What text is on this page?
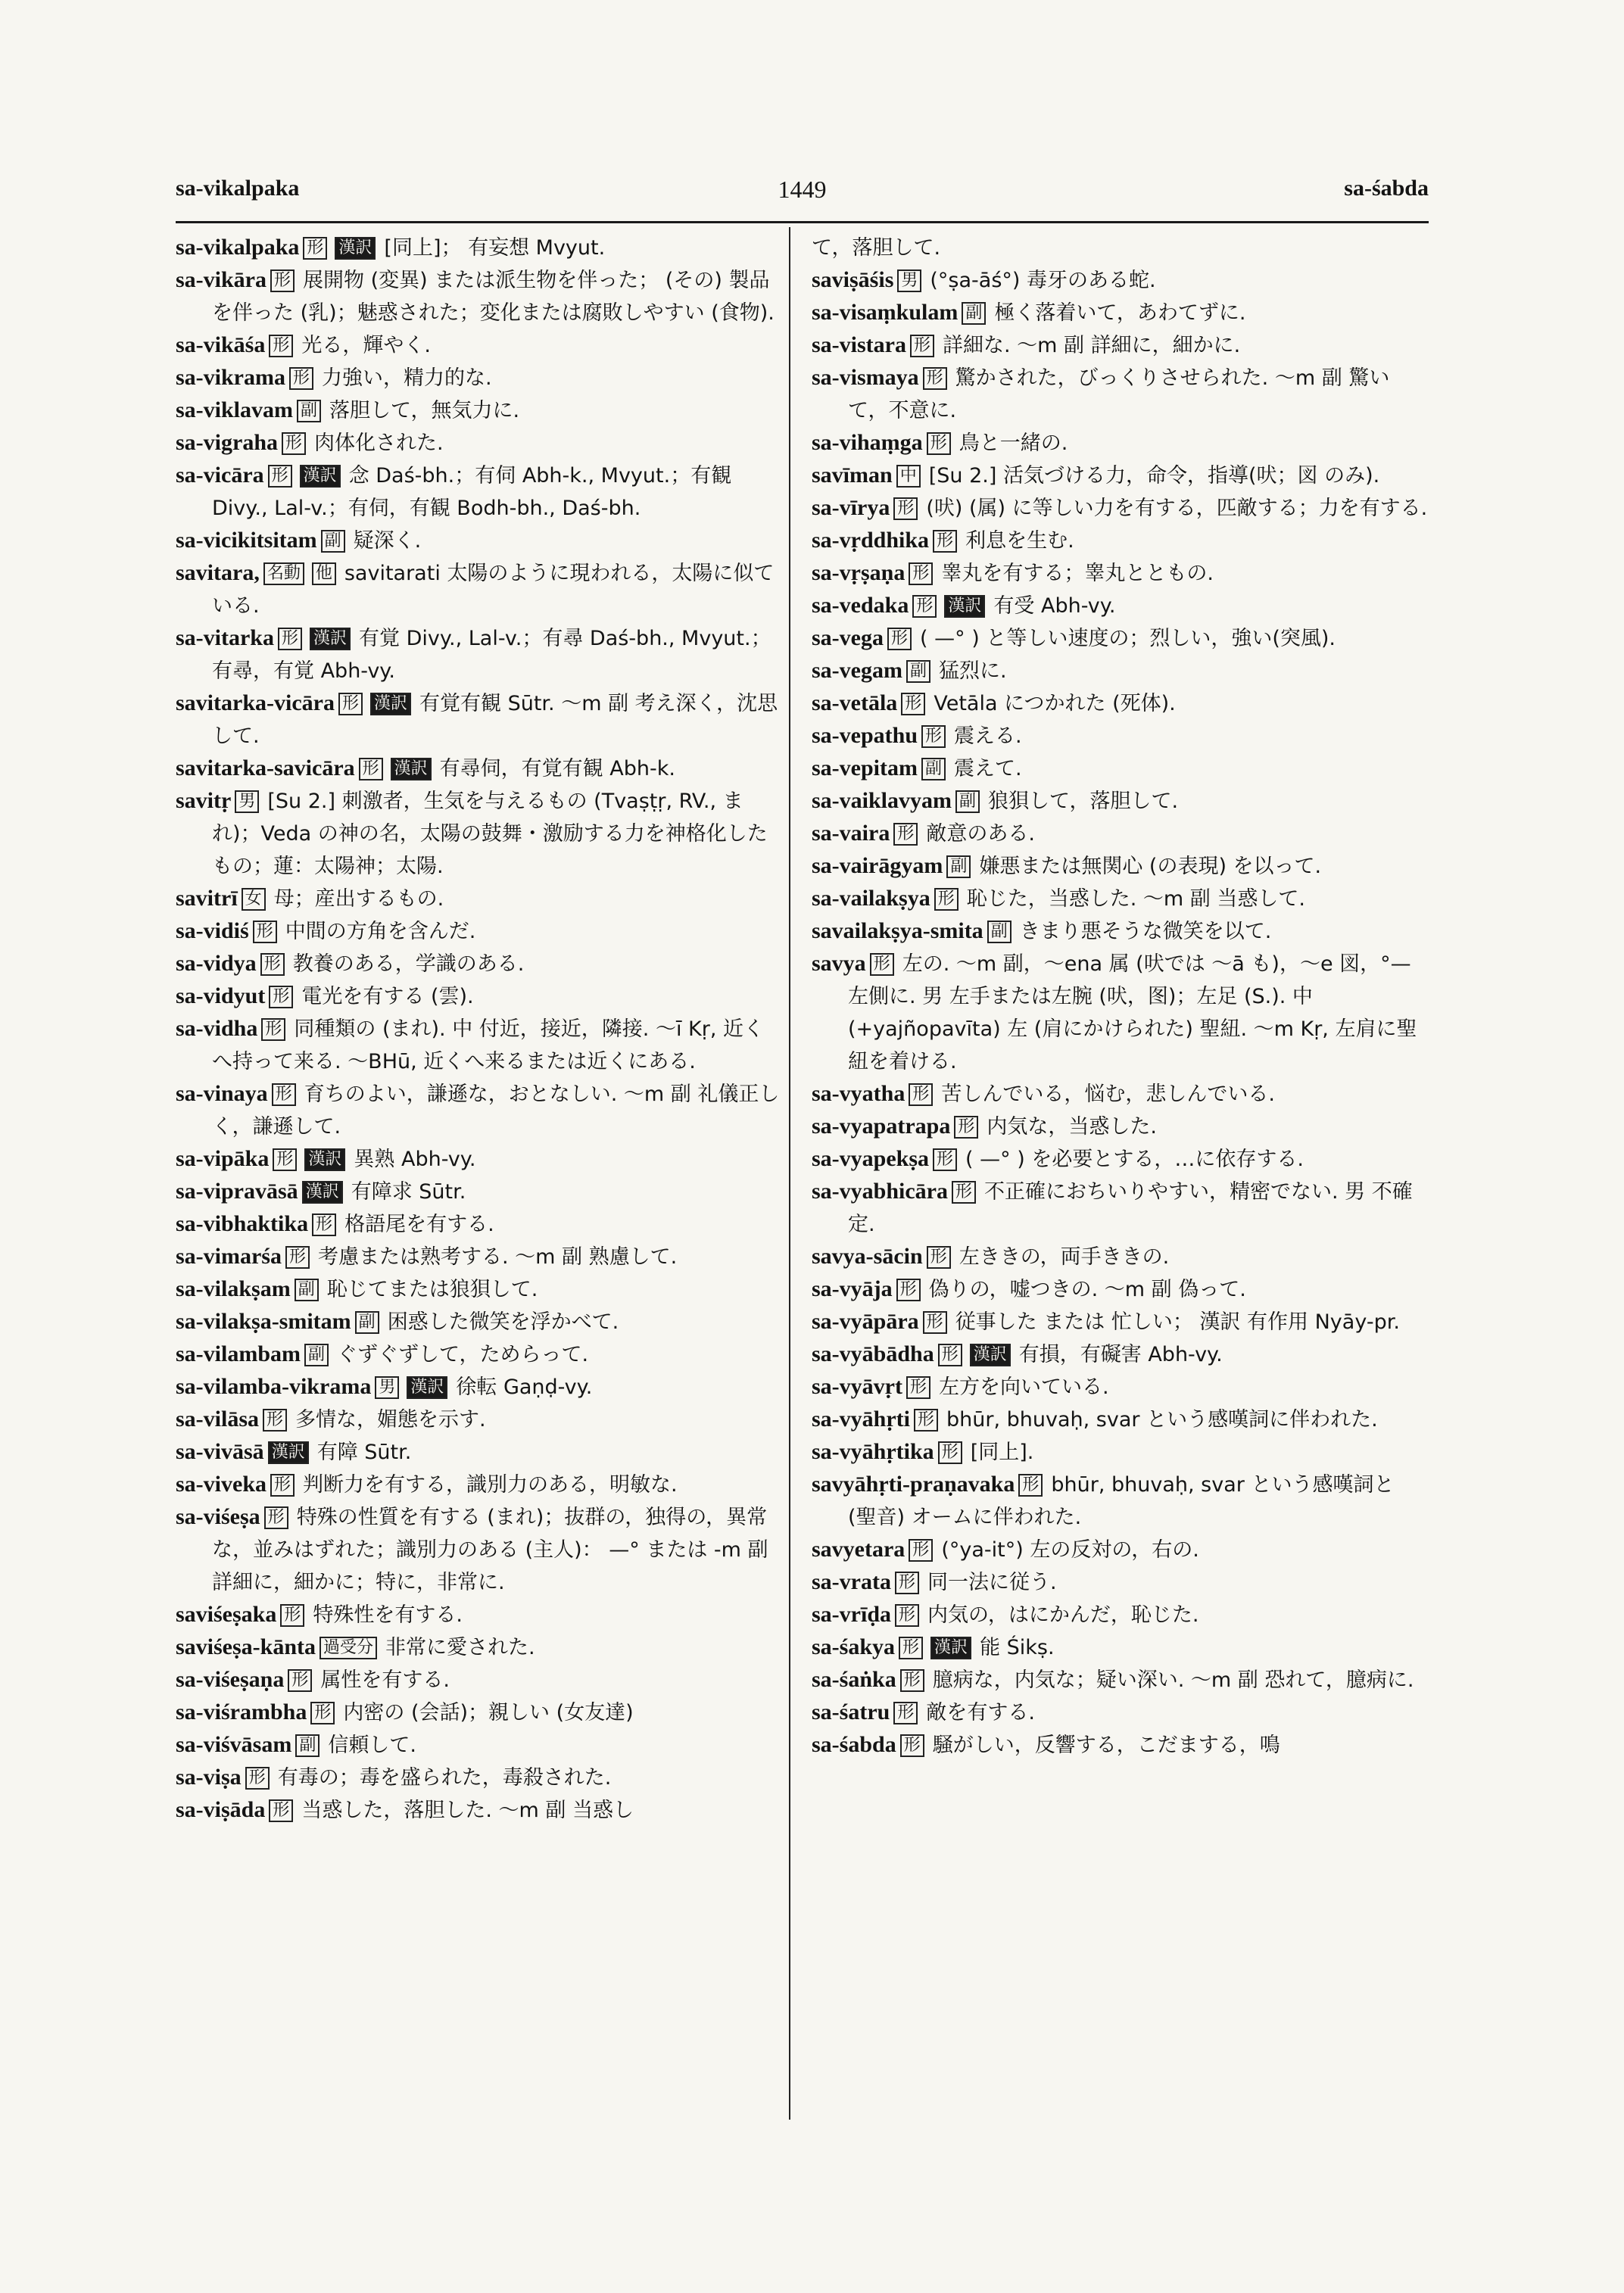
sa-vikalpaka	1449	sa-śabda
sa-vikalpaka 形 漢訳 [同上]； 有妄想 Mvyut.
sa-vikāra 形 展開物 (変異) または派生物を伴った； (その) 製品を伴った (乳)；魅惑された；変化または腐敗しやすい (食物).
sa-vikāśa 形 光る，輝やく.
sa-vikrama 形 力強い，精力的な.
sa-viklavam 副 落胆して，無気力に.
sa-vigraha 形 肉体化された.
sa-vicāra 形 漢訳 念 Daś-bh.；有伺 Abh-k., Mvyut.；有観 Divy., Lal-v.；有伺，有観 Bodh-bh., Daś-bh.
sa-vicikitsitam 副 疑深く.
savitara, 名動 他 savitarati 太陽のように現われる，太陽に似ている.
sa-vitarka 形 漢訳 有覚 Divy., Lal-v.；有尋 Daś-bh., Mvyut.；有尋，有覚 Abh-vy.
savitarka-vicāra 形 漢訳 有覚有観 Sūtr. ～m 副 考え深く，沈思して.
savitarka-savicāra 形 漢訳 有尋伺，有覚有観 Abh-k.
savitṛ 男 [Su 2.] 刺激者，生気を与えるもの (Tvaṣṭṛ, RV., まれ)；Veda の神の名，太陽の鼓舞・激励する力を神格化したもの；蓮：太陽神；太陽.
savitrī 女 母；産出するもの.
sa-vidiś 形 中間の方角を含んだ.
sa-vidya 形 教養のある，学識のある.
sa-vidyut 形 電光を有する (雲).
sa-vidha 形 同種類の (まれ). 中 付近，接近，隣接. ～ī Kṛ, 近くへ持って来る. ～BHū, 近くへ来るまたは近くにある.
sa-vinaya 形 育ちのよい，謙遜な，おとなしい. ～m 副 礼儀正しく，謙遜して.
sa-vipāka 形 漢訳 異熟 Abh-vy.
sa-vipravāsā 漢訳 有障求 Sūtr.
sa-vibhaktika 形 格語尾を有する.
sa-vimarśa 形 考慮または熟考する. ～m 副 熟慮して.
sa-vilakṣam 副 恥じてまたは狼狽して.
sa-vilakṣa-smitam 副 困惑した微笑を浮かべて.
sa-vilambam 副 ぐずぐずして，ためらって.
sa-vilamba-vikrama 男 漢訳 徐転 Gaṇḍ-vy.
sa-vilāsa 形 多情な，媚態を示す.
sa-vivāsā 漢訳 有障 Sūtr.
sa-viveka 形 判断力を有する，識別力のある，明敏な.
sa-viśeṣa 形 特殊の性質を有する (まれ)；抜群の，独得の，異常な，並みはずれた；識別力のある (主人)： —° または -m 副 詳細に，細かに；特に，非常に.
saviśeṣaka 形 特殊性を有する.
saviśeṣa-kānta 過受分 非常に愛された.
sa-viśeṣaṇa 形 属性を有する.
sa-viśrambha 形 内密の (会話)；親しい (女友達)
sa-viśvāsam 副 信頼して.
sa-viṣa 形 有毒の；毒を盛られた，毒殺された.
sa-viṣāda 形 当惑した，落胆した. ～m 副 当惑し
て，落胆して.
saviṣāśis 男 (°ṣa-āś°) 毒牙のある蛇.
sa-visaṃkulam 副 極く落着いて，あわてずに.
sa-vistara 形 詳細な. ～m 副 詳細に，細かに.
sa-vismaya 形 驚かされた，びっくりさせられた. ～m 副 驚いて，不意に.
sa-vihaṃga 形 鳥と一緒の.
savīman 中 [Su 2.] 活気づける力，命令，指導(吠；図 のみ).
sa-vīrya 形 (吠) (属) に等しい力を有する，匹敵する；力を有する.
sa-vṛddhika 形 利息を生む.
sa-vṛṣaṇa 形 睾丸を有する；睾丸とともの.
sa-vedaka 形 漢訳 有受 Abh-vy.
sa-vega 形 ( —° ) と等しい速度の；烈しい，強い(突風).
sa-vegam 副 猛烈に.
sa-vetāla 形 Vetāla につかれた (死体).
sa-vepathu 形 震える.
sa-vepitam 副 震えて.
sa-vaiklavyam 副 狼狽して，落胆して.
sa-vaira 形 敵意のある.
sa-vairāgyam 副 嫌悪または無関心 (の表現) を以って.
sa-vailakṣya 形 恥じた，当惑した. ～m 副 当惑して.
savailakṣya-smita 副 きまり悪そうな微笑を以て.
savya 形 左の. ～m 副，～ena 属 (吠では ～ā も)，～e 図，°— 左側に. 男 左手または左腕 (吠，图)；左足 (S.). 中 (+yajñopavīta) 左 (肩にかけられた) 聖紐. ～m Kṛ, 左肩に聖紐を着ける.
sa-vyatha 形 苦しんでいる，悩む，悲しんでいる.
sa-vyapatrapa 形 内気な，当惑した.
sa-vyapekṣa 形 ( —° ) を必要とする，…に依存する.
sa-vyabhicāra 形 不正確におちいりやすい，精密でない. 男 不確定.
savya-sācin 形 左ききの，両手ききの.
sa-vyāja 形 偽りの，嘘つきの. ～m 副 偽って.
sa-vyāpāra 形 従事した または 忙しい； 漢訳 有作用 Nyāy-pr.
sa-vyābādha 形 漢訳 有損，有礙害 Abh-vy.
sa-vyāvṛt 形 左方を向いている.
sa-vyāhṛti 形 bhūr, bhuvaḥ, svar という感嘆詞に伴われた.
sa-vyāhṛtika 形 [同上].
savyāhṛti-praṇavaka 形 bhūr, bhuvaḥ, svar という感嘆詞と (聖音) オームに伴われた.
savyetara 形 (°ya-it°) 左の反対の，右の.
sa-vrata 形 同一法に従う.
sa-vrīḍa 形 内気の，はにかんだ，恥じた.
sa-śakya 形 漢訳 能 Śikṣ.
sa-śaṅka 形 臆病な，内気な；疑い深い. ～m 副 恐れて，臆病に.
sa-śatru 形 敵を有する.
sa-śabda 形 騒がしい，反響する，こだまする，鳴
